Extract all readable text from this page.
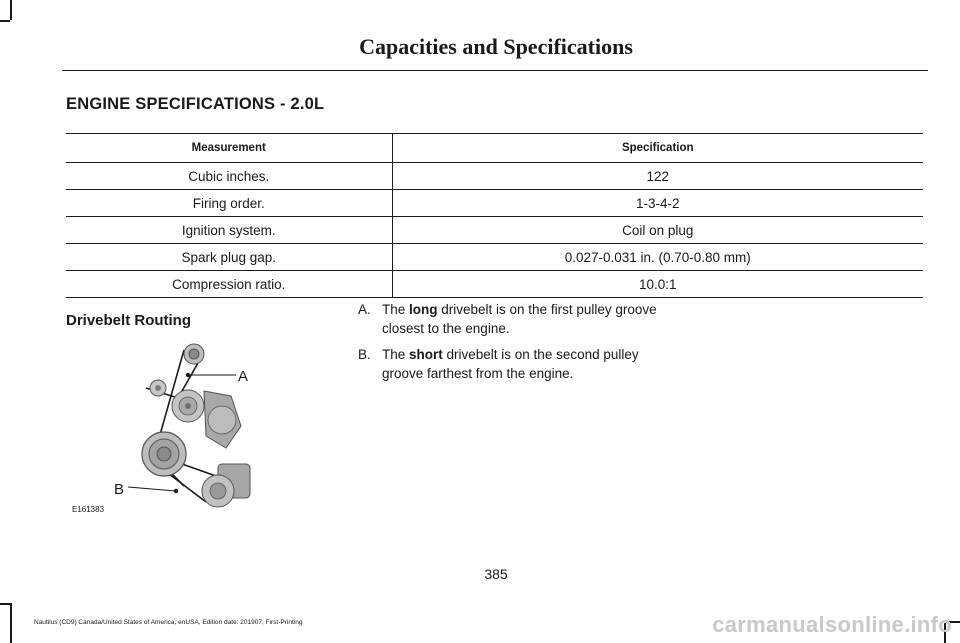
Capacities and Specifications
ENGINE SPECIFICATIONS - 2.0L
Measurement	Specification
Cubic inches.	122
Firing order.	1-3-4-2
Ignition system.	Coil on plug
Spark plug gap.	0.027-0.031 in. (0.70-0.80 mm)
Compression ratio.	10.0:1
Drivebelt Routing
A
B
E161383
A. The long drivebelt is on the first pulley groove closest to the engine.
B. The short drivebelt is on the second pulley groove farthest from the engine.
385
Nautilus (CD9) Canada/United States of America, enUSA, Edition date: 201907, First-Printing	carmanualsonline.info
